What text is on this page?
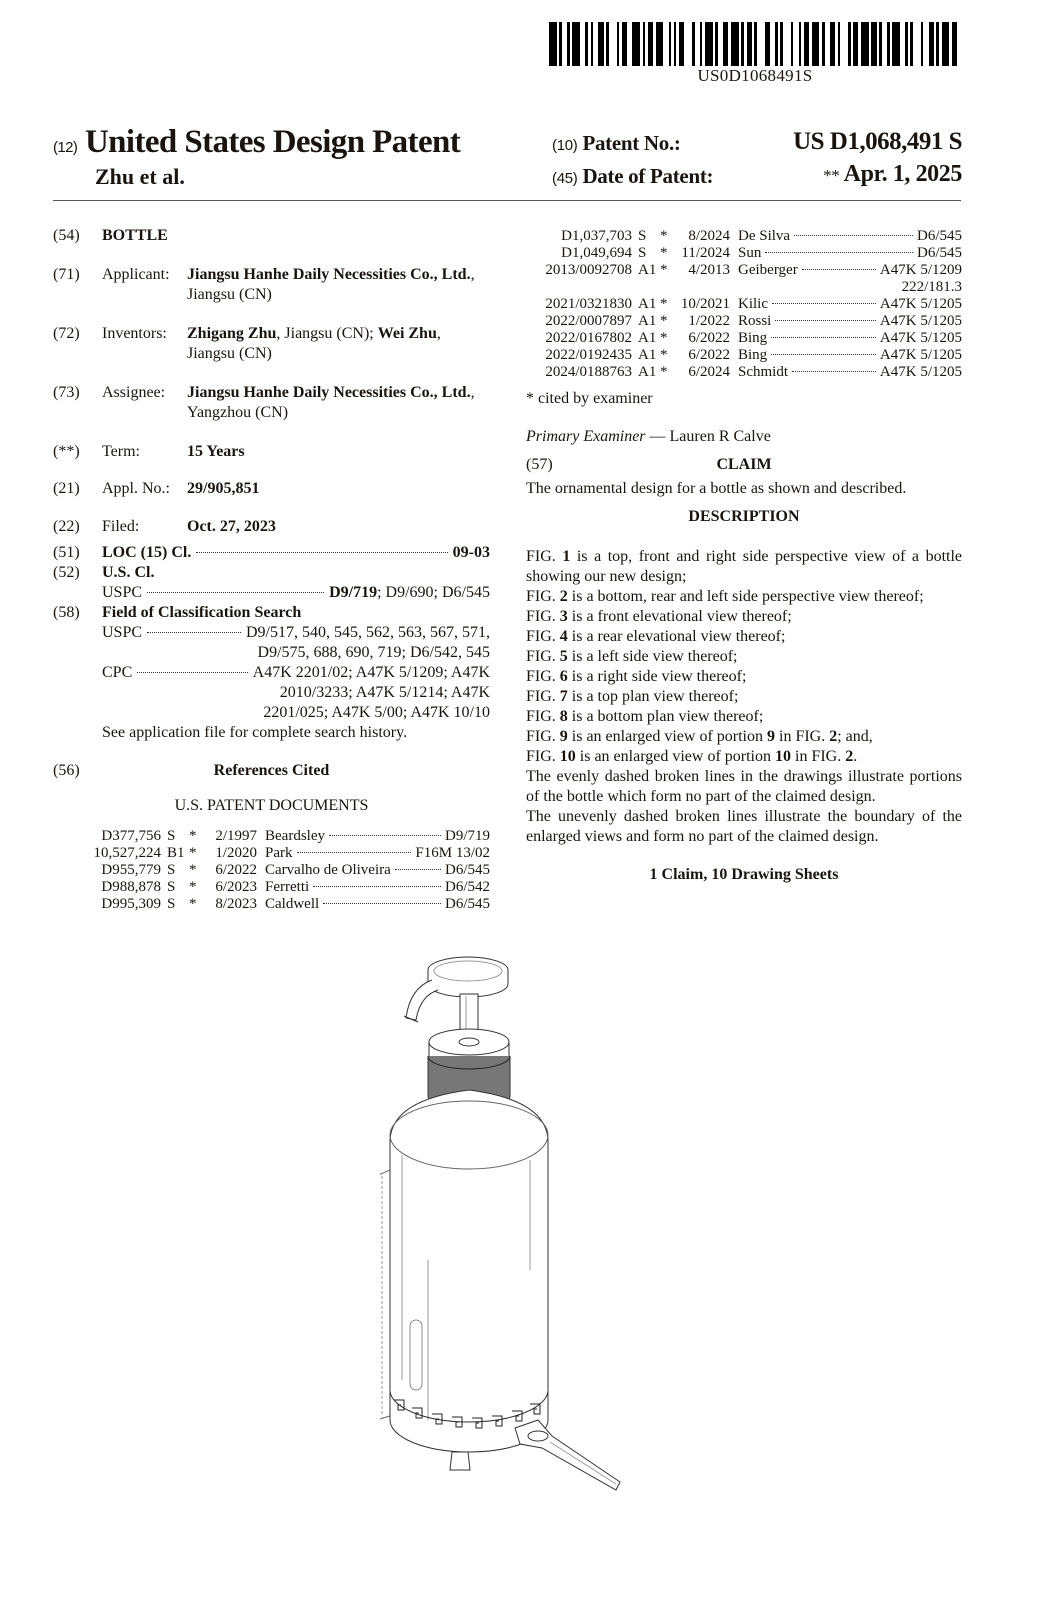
US0D1068491S
(12) United States Design Patent
Zhu et al.
(10) Patent No.:	US D1,068,491 S
(45) Date of Patent:	** Apr. 1, 2025
(54)	BOTTLE
(71)	Applicant:	Jiangsu Hanhe Daily Necessities Co., Ltd., Jiangsu (CN)
(72)	Inventors:	Zhigang Zhu, Jiangsu (CN); Wei Zhu, Jiangsu (CN)
(73)	Assignee:	Jiangsu Hanhe Daily Necessities Co., Ltd., Yangzhou (CN)
(**)	Term:	15 Years
(21)	Appl. No.: 29/905,851
(22)	Filed:	Oct. 27, 2023
(51)	LOC (15) Cl.	09-03
(52)	U.S. Cl.
USPC	D9/719; D9/690; D6/545
(58)	Field of Classification Search
USPC	D9/517, 540, 545, 562, 563, 567, 571,
D9/575, 688, 690, 719; D6/542, 545
CPC	A47K 2201/02; A47K 5/1209; A47K
2010/3233; A47K 5/1214; A47K
2201/025; A47K 5/00; A47K 10/10
See application file for complete search history.
(56)	References Cited
U.S. PATENT DOCUMENTS
D377,756	S	*	2/1997	Beardsley D9/719

10,527,224	B1	*	1/2020	Park F16M 13/02

D955,779	S	*	6/2022	Carvalho de Oliveira D6/545

D988,878	S	*	6/2023	Ferretti D6/542

D995,309	S	*	8/2023	Caldwell D6/545
D1,037,703	S	*	8/2024	De Silva D6/545

D1,049,694	S	*	11/2024	Sun D6/545

2013/0092708	A1	*	4/2013	Geiberger A47K 5/1209

				222/181.3
2021/0321830	A1	*	10/2021	Kilic A47K 5/1205

2022/0007897	A1	*	1/2022	Rossi A47K 5/1205

2022/0167802	A1	*	6/2022	Bing A47K 5/1205

2022/0192435	A1	*	6/2022	Bing A47K 5/1205

2024/0188763	A1	*	6/2024	Schmidt A47K 5/1205
* cited by examiner
Primary Examiner — Lauren R Calve
(57)	CLAIM
The ornamental design for a bottle as shown and described.
DESCRIPTION

FIG. 1 is a top, front and right side perspective view of a bottle showing our new design;

FIG. 2 is a bottom, rear and left side perspective view thereof;

FIG. 3 is a front elevational view thereof;

FIG. 4 is a rear elevational view thereof;

FIG. 5 is a left side view thereof;

FIG. 6 is a right side view thereof;

FIG. 7 is a top plan view thereof;

FIG. 8 is a bottom plan view thereof;

FIG. 9 is an enlarged view of portion 9 in FIG. 2; and,

FIG. 10 is an enlarged view of portion 10 in FIG. 2.

The evenly dashed broken lines in the drawings illustrate portions of the bottle which form no part of the claimed design.

The unevenly dashed broken lines illustrate the boundary of the enlarged views and form no part of the claimed design.

1 Claim, 10 Drawing Sheets
